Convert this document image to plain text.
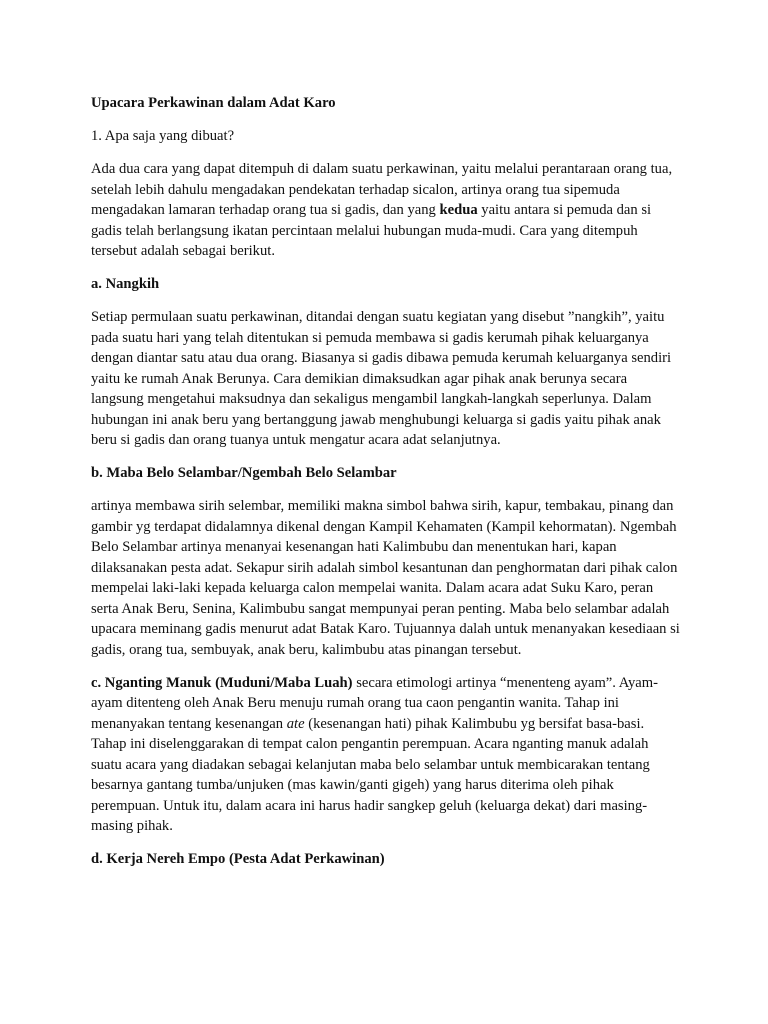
Upacara Perkawinan dalam Adat Karo

1. Apa saja yang dibuat?

Ada dua cara yang dapat ditempuh di dalam suatu perkawinan, yaitu melalui perantaraan orang tua, setelah lebih dahulu mengadakan pendekatan terhadap sicalon, artinya orang tua sipemuda mengadakan lamaran terhadap orang tua si gadis, dan yang kedua yaitu antara si pemuda dan si gadis telah berlangsung ikatan percintaan melalui hubungan muda-mudi. Cara yang ditempuh tersebut adalah sebagai berikut.

a. Nangkih

Setiap permulaan suatu perkawinan, ditandai dengan suatu kegiatan yang disebut ”nangkih”, yaitu pada suatu hari yang telah ditentukan si pemuda membawa si gadis kerumah pihak keluarganya dengan diantar satu atau dua orang. Biasanya si gadis dibawa pemuda kerumah keluarganya sendiri yaitu ke rumah Anak Berunya. Cara demikian dimaksudkan agar pihak anak berunya secara langsung mengetahui maksudnya dan sekaligus mengambil langkah-langkah seperlunya. Dalam hubungan ini anak beru yang bertanggung jawab menghubungi keluarga si gadis yaitu pihak anak beru si gadis dan orang tuanya untuk mengatur acara adat selanjutnya.

b. Maba Belo Selambar/Ngembah Belo Selambar

artinya membawa sirih selembar, memiliki makna simbol bahwa sirih, kapur, tembakau, pinang dan gambir yg terdapat didalamnya dikenal dengan Kampil Kehamaten (Kampil kehormatan). Ngembah Belo Selambar artinya menanyai kesenangan hati Kalimbubu dan menentukan hari, kapan dilaksanakan pesta adat. Sekapur sirih adalah simbol kesantunan dan penghormatan dari pihak calon mempelai laki-laki kepada keluarga calon mempelai wanita. Dalam acara adat Suku Karo, peran serta Anak Beru, Senina, Kalimbubu sangat mempunyai peran penting. Maba belo selambar adalah upacara meminang gadis menurut adat Batak Karo. Tujuannya dalah untuk menanyakan kesediaan si gadis, orang tua, sembuyak, anak beru, kalimbubu atas pinangan tersebut.

c. Nganting Manuk (Muduni/Maba Luah) secara etimologi artinya “menenteng ayam”. Ayam-ayam ditenteng oleh Anak Beru menuju rumah orang tua caon pengantin wanita. Tahap ini menanyakan tentang kesenangan ate (kesenangan hati) pihak Kalimbubu yg bersifat basa-basi. Tahap ini diselenggarakan di tempat calon pengantin perempuan. Acara nganting manuk adalah suatu acara yang diadakan sebagai kelanjutan maba belo selambar untuk membicarakan tentang besarnya gantang tumba/unjuken (mas kawin/ganti gigeh) yang harus diterima oleh pihak perempuan. Untuk itu, dalam acara ini harus hadir sangkep geluh (keluarga dekat) dari masing-masing pihak.

d. Kerja Nereh Empo (Pesta Adat Perkawinan)
